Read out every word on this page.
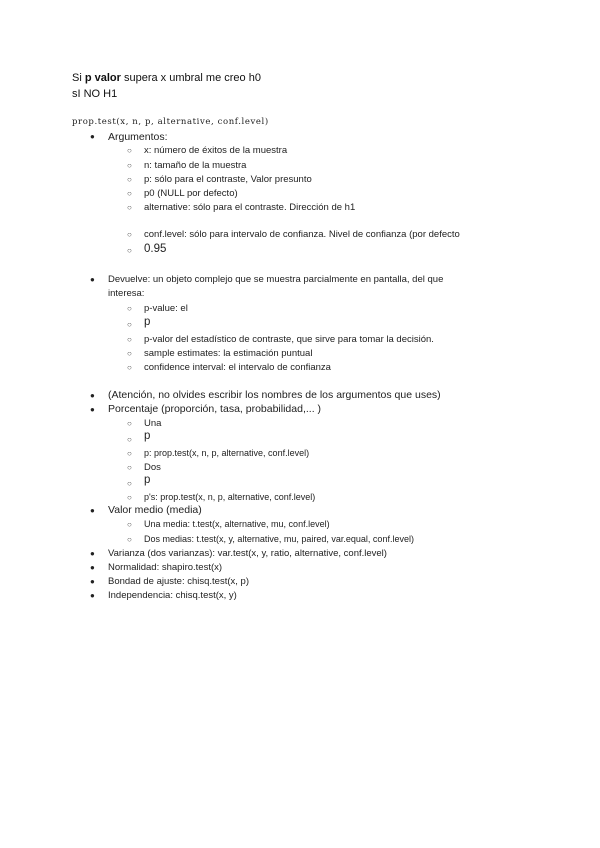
Si p valor supera x umbral me creo h0
sI NO H1
prop.test(x, n, p, alternative, conf.level)
● Argumentos:
○ x: número de éxitos de la muestra
○ n: tamaño de la muestra
○ p: sólo para el contraste, Valor presunto
○ p0 (NULL por defecto)
○ alternative: sólo para el contraste. Dirección de h1
○ conf.level: sólo para intervalo de confianza. Nivel de confianza (por defecto
○ 0.95
● Devuelve: un objeto complejo que se muestra parcialmente en pantalla, del que
interesa:
○ p-value: el
○ p
○ p-valor del estadístico de contraste, que sirve para tomar la decisión.
○ sample estimates: la estimación puntual
○ confidence interval: el intervalo de confianza
● (Atención, no olvides escribir los nombres de los argumentos que uses)
● Porcentaje (proporción, tasa, probabilidad,... )
○ Una
○ p
○ p: prop.test(x, n, p, alternative, conf.level)
○ Dos
○ p
○ p's: prop.test(x, n, p, alternative, conf.level)
● Valor medio (media)
○ Una media: t.test(x, alternative, mu, conf.level)
○ Dos medias: t.test(x, y, alternative, mu, paired, var.equal, conf.level)
● Varianza (dos varianzas): var.test(x, y, ratio, alternative, conf.level)
● Normalidad: shapiro.test(x)
● Bondad de ajuste: chisq.test(x, p)
● Independencia: chisq.test(x, y)
